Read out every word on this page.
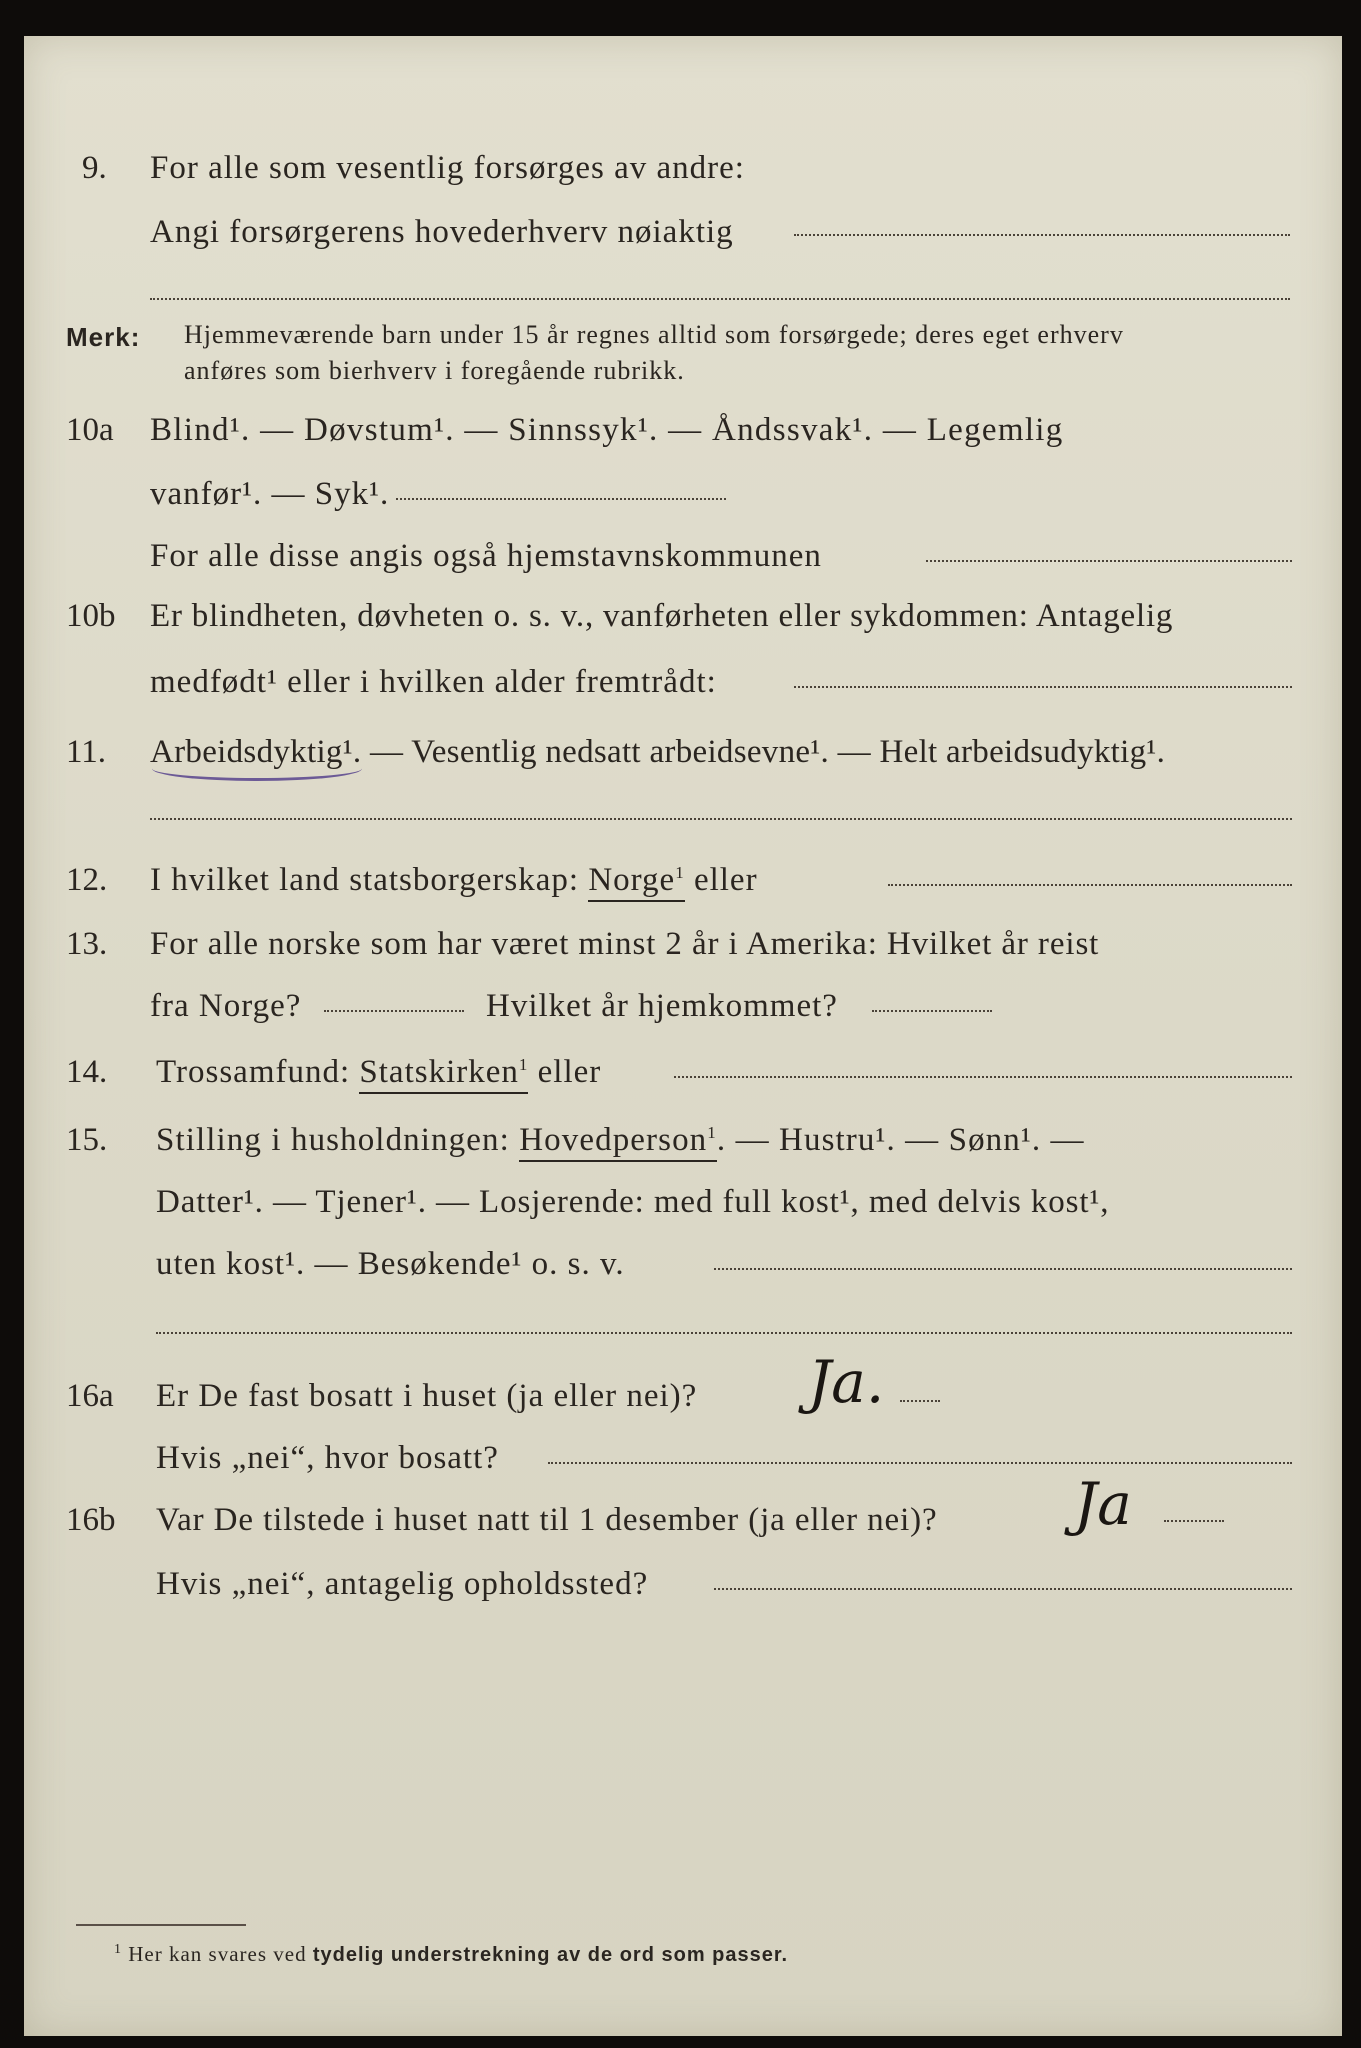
9. For alle som vesentlig forsørges av andre:
Angi forsørgerens hovederhverv nøiaktig
Merk: Hjemmeværende barn under 15 år regnes alltid som forsørgede; deres eget erhverv
anføres som bierhverv i foregående rubrikk.
10a Blind¹. — Døvstum¹. — Sinnssyk¹. — Åndssvak¹. — Legemlig
vanfør¹. — Syk¹.
For alle disse angis også hjemstavnskommunen
10b Er blindheten, døvheten o. s. v., vanførheten eller sykdommen: Antagelig
medfødt¹ eller i hvilken alder fremtrådt:
11. Arbeidsdyktig¹. — Vesentlig nedsatt arbeidsevne¹. — Helt arbeidsudyktig¹.
12. I hvilket land statsborgerskap: Norge$^1$ eller
13. For alle norske som har været minst 2 år i Amerika: Hvilket år reist
fra Norge?	Hvilket år hjemkommet?
14. Trossamfund: Statskirken$^1$ eller
15. Stilling i husholdningen: Hovedperson$^1$. — Hustru¹. — Sønn¹. —
Datter¹. — Tjener¹. — Losjerende: med full kost¹, med delvis kost¹,
uten kost¹. — Besøkende¹ o. s. v.
16a Er De fast bosatt i huset (ja eller nei)? Ja.
Hvis „nei“, hvor bosatt?
16b Var De tilstede i huset natt til 1 desember (ja eller nei)? Ja
Hvis „nei“, antagelig opholdssted?
$^1$ Her kan svares ved tydelig understrekning av de ord som passer.
